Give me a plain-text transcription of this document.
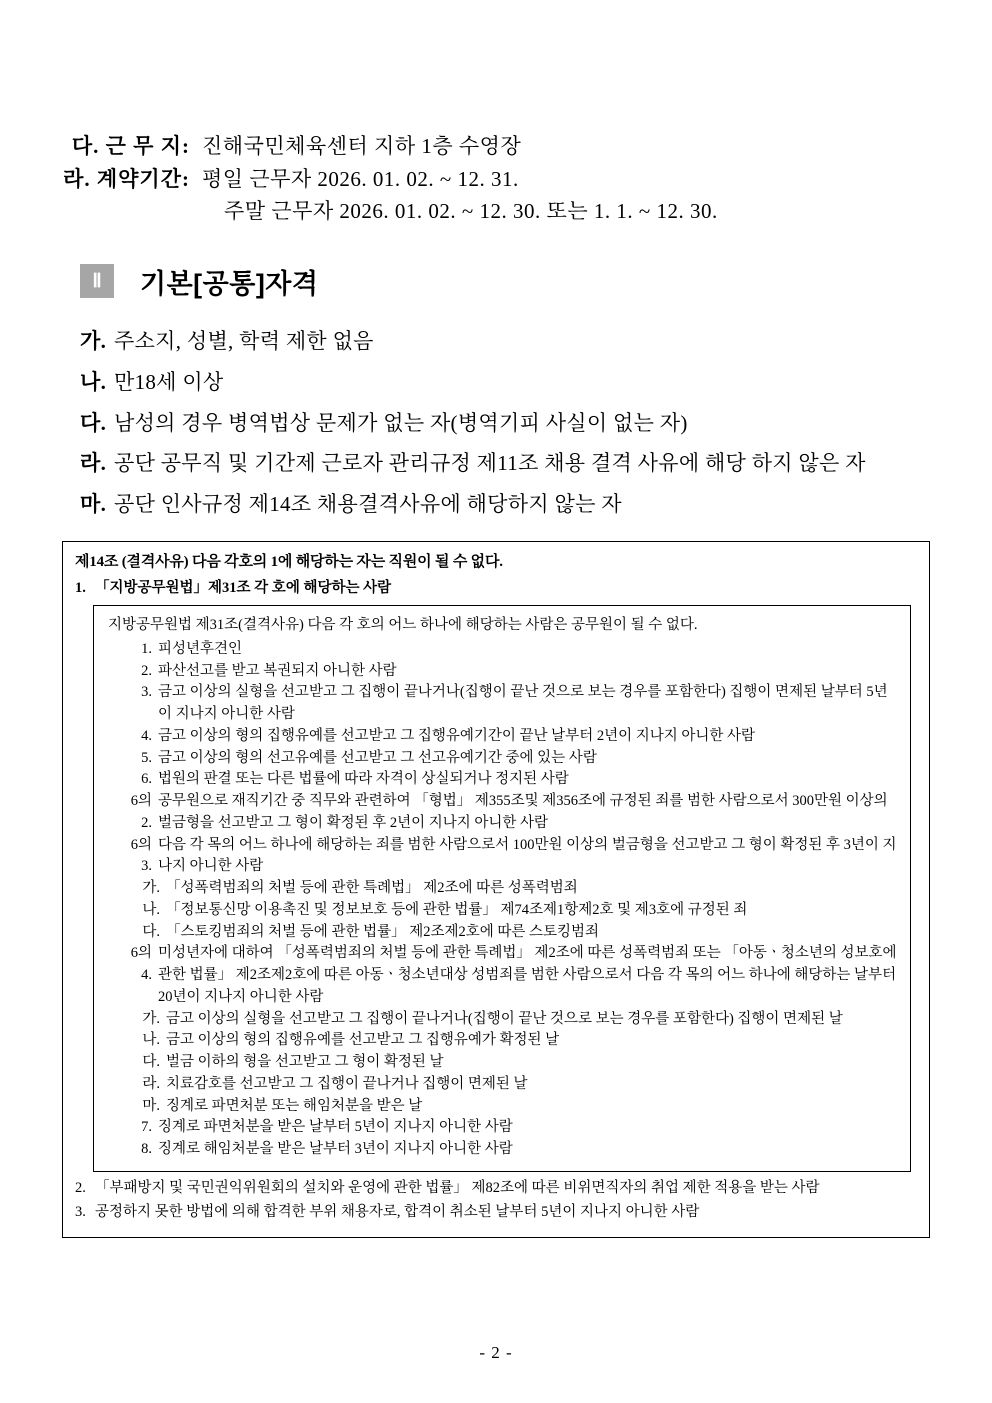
다. 근 무 지: 진해국민체육센터 지하 1층 수영장
라. 계약기간: 평일 근무자 2026. 01. 02. ~ 12. 31.
주말 근무자 2026. 01. 02. ~ 12. 30. 또는 1. 1. ~ 12. 30.
Ⅱ	기본[공통]자격
가. 주소지, 성별, 학력 제한 없음
나. 만18세 이상
다. 남성의 경우 병역법상 문제가 없는 자(병역기피 사실이 없는 자)
라. 공단 공무직 및 기간제 근로자 관리규정 제11조 채용 결격 사유에 해당 하지 않은 자
마. 공단 인사규정 제14조 채용결격사유에 해당하지 않는 자
제14조 (결격사유) 다음 각호의 1에 해당하는 자는 직원이 될 수 없다.
1. 「지방공무원법」제31조 각 호에 해당하는 사람
지방공무원법 제31조(결격사유) 다음 각 호의 어느 하나에 해당하는 사람은 공무원이 될 수 없다.
1. 피성년후견인
2. 파산선고를 받고 복권되지 아니한 사람
3. 금고 이상의 실형을 선고받고 그 집행이 끝나거나(집행이 끝난 것으로 보는 경우를 포함한다) 집행이 면제된 날부터 5년이 지나지 아니한 사람
4. 금고 이상의 형의 집행유예를 선고받고 그 집행유예기간이 끝난 날부터 2년이 지나지 아니한 사람
5. 금고 이상의 형의 선고유예를 선고받고 그 선고유예기간 중에 있는 사람
6. 법원의 판결 또는 다른 법률에 따라 자격이 상실되거나 정지된 사람
6의2.
공무원으로 재직기간 중 직무와 관련하여 「형법」 제355조및 제356조에 규정된 죄를 범한 사람으로서 300만원 이상의 벌금형을 선고받고 그 형이 확정된 후 2년이 지나지 아니한 사람
6의3.
다음 각 목의 어느 하나에 해당하는 죄를 범한 사람으로서 100만원 이상의 벌금형을 선고받고 그 형이 확정된 후 3년이 지나지 아니한 사람
가. 「성폭력범죄의 처벌 등에 관한 특례법」 제2조에 따른 성폭력범죄
나. 「정보통신망 이용촉진 및 정보보호 등에 관한 법률」 제74조제1항제2호 및 제3호에 규정된 죄
다. 「스토킹범죄의 처벌 등에 관한 법률」 제2조제2호에 따른 스토킹범죄
6의4.
미성년자에 대하여 「성폭력범죄의 처벌 등에 관한 특례법」 제2조에 따른 성폭력범죄 또는 「아동ㆍ청소년의 성보호에 관한 법률」 제2조제2호에 따른 아동ㆍ청소년대상 성범죄를 범한 사람으로서 다음 각 목의 어느 하나에 해당하는 날부터 20년이 지나지 아니한 사람
가. 금고 이상의 실형을 선고받고 그 집행이 끝나거나(집행이 끝난 것으로 보는 경우를 포함한다) 집행이 면제된 날
나. 금고 이상의 형의 집행유예를 선고받고 그 집행유예가 확정된 날
다. 벌금 이하의 형을 선고받고 그 형이 확정된 날
라. 치료감호를 선고받고 그 집행이 끝나거나 집행이 면제된 날
마. 징계로 파면처분 또는 해임처분을 받은 날
7. 징계로 파면처분을 받은 날부터 5년이 지나지 아니한 사람
8. 징계로 해임처분을 받은 날부터 3년이 지나지 아니한 사람
2. 「부패방지 및 국민권익위원회의 설치와 운영에 관한 법률」 제82조에 따른 비위면직자의 취업 제한 적용을 받는 사람
3. 공정하지 못한 방법에 의해 합격한 부위 채용자로, 합격이 취소된 날부터 5년이 지나지 아니한 사람
- 2 -
